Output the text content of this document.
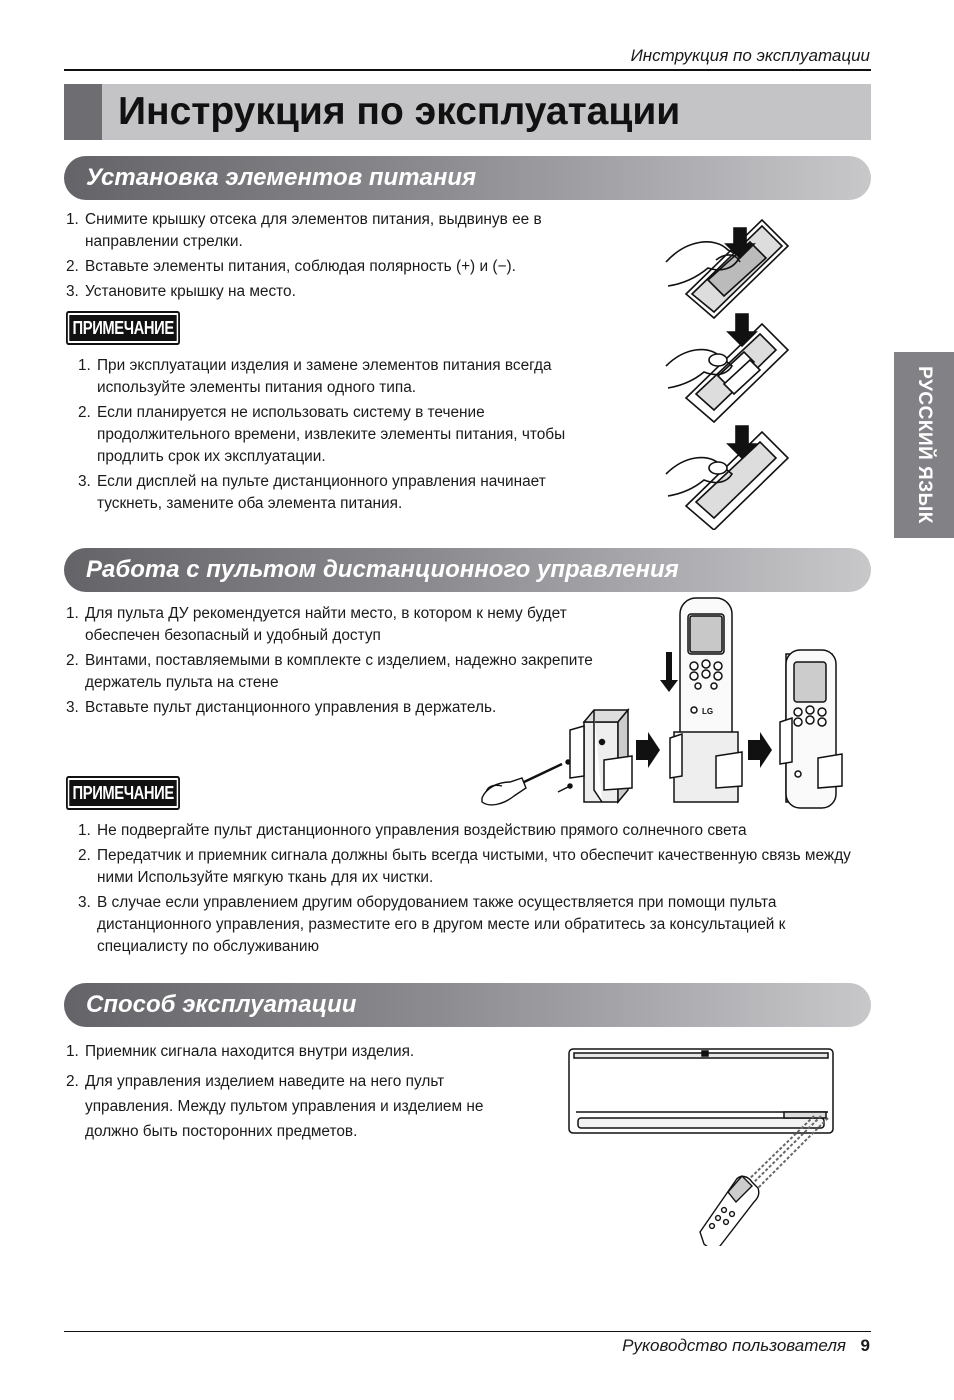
Инструкция по эксплуатации
Инструкция по эксплуатации
РУССКИЙ ЯЗЫК
Установка элементов питания
1. Снимите крышку отсека для элементов питания, выдвинув ее в направлении стрелки.
2. Вставьте элементы питания, соблюдая полярность (+) и (−).
3. Установите крышку на место.
ПРИМЕЧАНИЕ
1. При эксплуатации изделия и замене элементов питания всегда используйте элементы питания одного типа.
2. Если планируется не использовать систему в течение продолжительного времени, извлеките элементы питания, чтобы продлить срок их эксплуатации.
3. Если дисплей на пульте дистанционного управления начинает тускнеть, замените оба элемента питания.
Работа с пультом дистанционного управления
1. Для пульта ДУ рекомендуется найти место, в котором к нему будет обеспечен безопасный и удобный доступ
2. Винтами, поставляемыми в комплекте с изделием, надежно закрепите держатель пульта на стене
3. Вставьте пульт дистанционного управления в держатель.
ПРИМЕЧАНИЕ
LG
1. Не подвергайте пульт дистанционного управления воздействию прямого солнечного света
2. Передатчик и приемник сигнала должны быть всегда чистыми, что обеспечит качественную связь между ними Используйте мягкую ткань для их чистки.
3. В случае если управлением другим оборудованием также осуществляется при помощи пульта дистанционного управления, разместите его в другом месте или обратитесь за консультацией к специалисту по обслуживанию
Способ эксплуатации
1. Приемник сигнала находится внутри изделия.
2. Для управления изделием наведите на него пульт управления. Между пультом управления и изделием не должно быть посторонних предметов.
Руководство пользователя 9
